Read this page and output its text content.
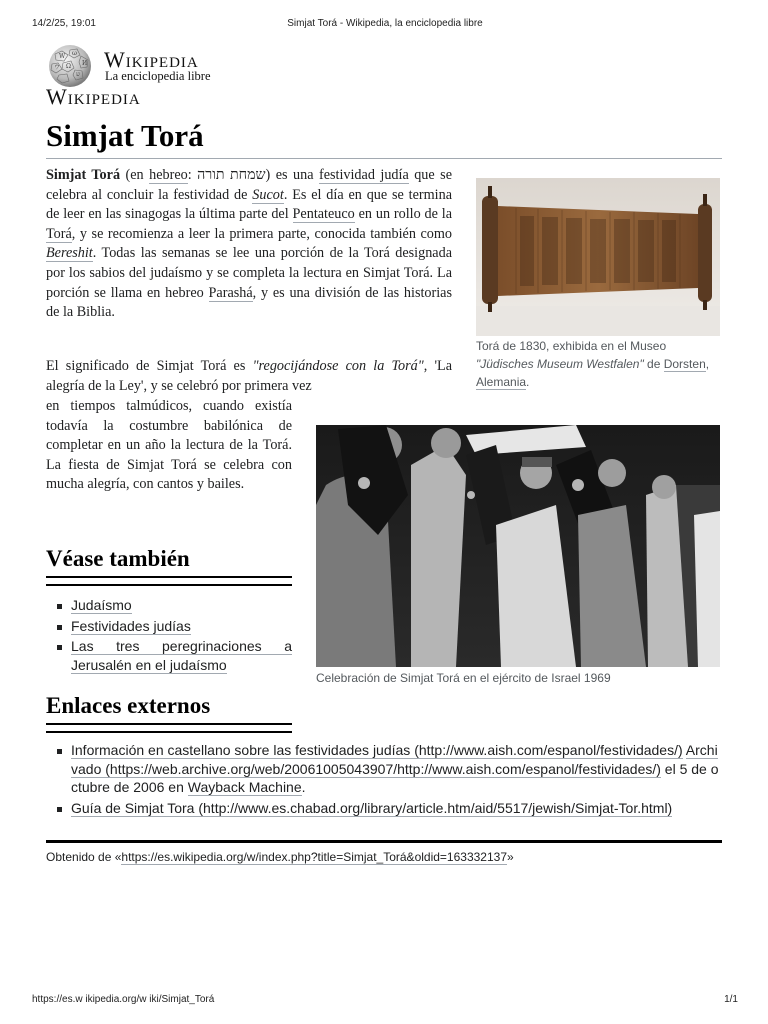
14/2/25, 19:01	Simjat Torá - Wikipedia, la enciclopedia libre
W ω
И
Ω
ウ
ש
Wikipedia
La enciclopedia libre
Wikipedia
Simjat Torá
Simjat Torá (en hebreo: שמחת תורה) es una festividad judía que se celebra al concluir la festividad de Sucot. Es el día en que se termina de leer en las sinagogas la última parte del Pentateuco en un rollo de la Torá, y se recomienza a leer la primera parte, conocida también como Bereshit. Todas las semanas se lee una porción de la Torá designada por los sabios del judaísmo y se completa la lectura en Simjat Torá. La porción se llama en hebreo Parashá, y es una división de las historias de la Biblia.
El significado de Simjat Torá es "regocijándose con la Torá", 'La alegría de la Ley', y se celebró por primera vez
en tiempos talmúdicos, cuando existía todavía la costumbre babilónica de completar en un año la lectura de la Torá. La fiesta de Simjat Torá se celebra con mucha alegría, con cantos y bailes.
Torá de 1830, exhibida en el Museo "Jüdisches Museum Westfalen" de Dorsten, Alemania.
Celebración de Simjat Torá en el ejército de Israel 1969
Véase también
Judaísmo
Festividades judías
Las tres peregrinaciones a Jerusalén en el judaísmo
Enlaces externos
Información en castellano sobre las festividades judías (http://www.aish.com/espanol/festividades/) Archivado (https://web.archive.org/web/20061005043907/http://www.aish.com/espanol/festividades/) el 5 de octubre de 2006 en Wayback Machine.
Guía de Simjat Tora (http://www.es.chabad.org/library/article.htm/aid/5517/jewish/Simjat-Tor.html)
Obtenido de «https://es.wikipedia.org/w/index.php?title=Simjat_Torá&oldid=163332137»
https://es.w ikipedia.org/w iki/Simjat_Torá	1/1
